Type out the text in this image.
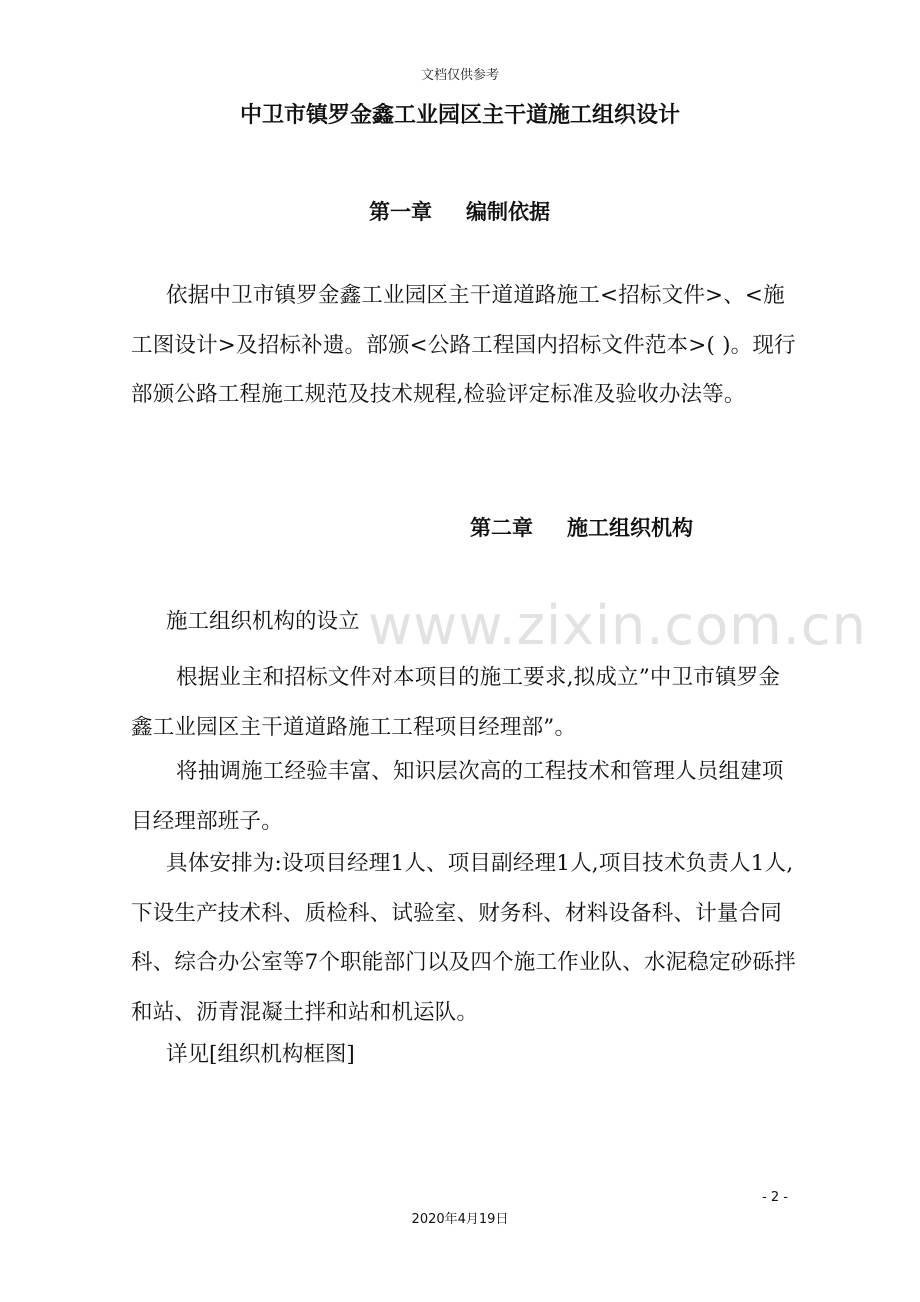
文档仅供参考
中卫市镇罗金鑫工业园区主干道施工组织设计
第一章 编制依据
依据中卫市镇罗金鑫工业园区主干道道路施工<招标文件>、<施工图设计>及招标补遗。部颁<公路工程国内招标文件范本>( )。现行部颁公路工程施工规范及技术规程,检验评定标准及验收办法等。
第二章 施工组织机构
www.zixin.com.cn
施工组织机构的设立
根据业主和招标文件对本项目的施工要求,拟成立”中卫市镇罗金鑫工业园区主干道道路施工工程项目经理部”。
将抽调施工经验丰富、知识层次高的工程技术和管理人员组建项目经理部班子。
具体安排为:设项目经理1人、项目副经理1人,项目技术负责人1人,下设生产技术科、质检科、试验室、财务科、材料设备科、计量合同科、综合办公室等7个职能部门以及四个施工作业队、水泥稳定砂砾拌和站、沥青混凝土拌和站和机运队。
详见[组织机构框图]
- 2 -
2020年4月19日
